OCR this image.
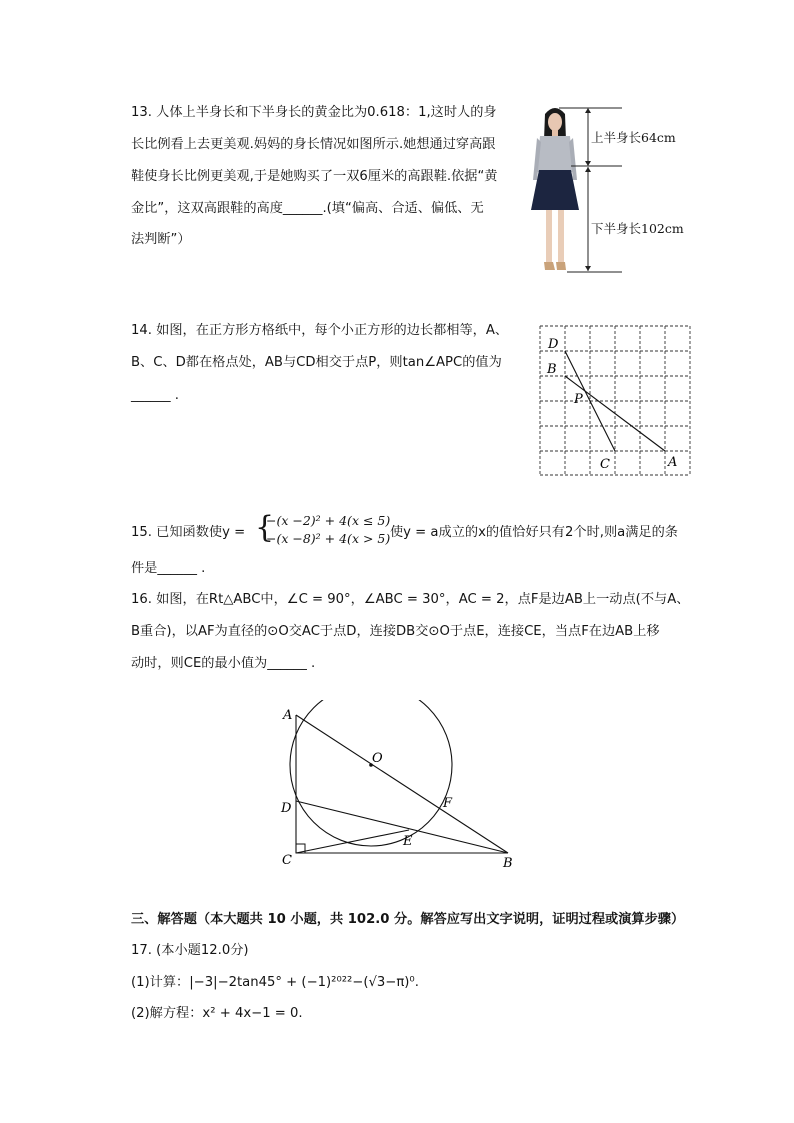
13. 人体上半身长和下半身长的黄金比为0.618：1,这时人的身
长比例看上去更美观.妈妈的身长情况如图所示.她想通过穿高跟
鞋使身长比例更美观,于是她购买了一双6厘米的高跟鞋.依据“黄
金比”，这双高跟鞋的高度______.(填“偏高、合适、偏低、无
法判断”）
上半身长64cm
下半身长102cm
14. 如图，在正方形方格纸中，每个小正方形的边长都相等，A、
B、C、D都在格点处，AB与CD相交于点P，则tan∠APC的值为
______ .
D
B
P
C	A
15. 已知函数使y = {
−(x −2)² + 4(x ≤ 5)
−(x −8)² + 4(x > 5) 使y = a成立的x的值恰好只有2个时,则a满足的条
件是______ .
16. 如图，在Rt△ABC中，∠C = 90°，∠ABC = 30°，AC = 2，点F是边AB上一动点(不与A、
B重合)，以AF为直径的⊙O交AC于点D，连接DB交⊙O于点E，连接CE，当点F在边AB上移
动时，则CE的最小值为______ .
A
O
D	F
E
C	B
三、解答题（本大题共 10 小题，共 102.0 分。解答应写出文字说明，证明过程或演算步骤）
17. (本小题12.0分)
(1)计算：|−3|−2tan45° + (−1)²⁰²²−(√3−π)⁰.
(2)解方程：x² + 4x−1 = 0.
